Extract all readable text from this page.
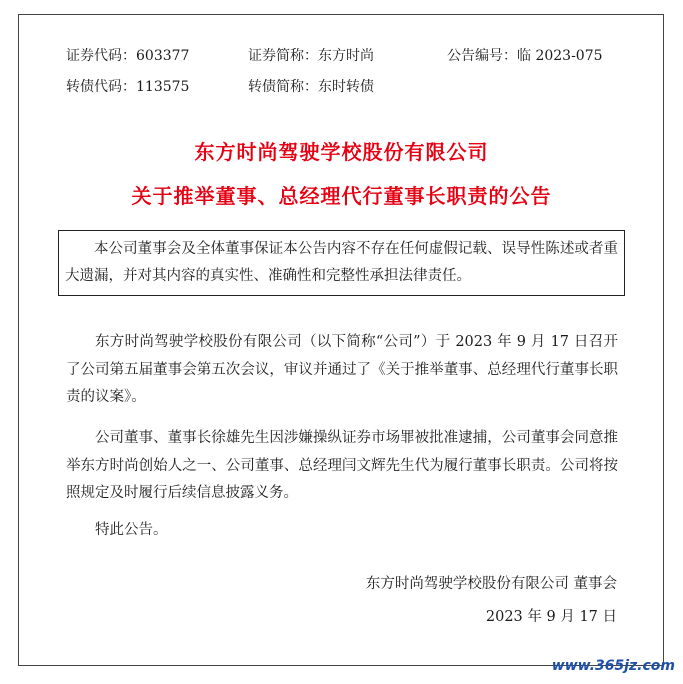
证券代码：603377	证券简称：东方时尚	公告编号：临 2023-075
转债代码：113575	转债简称：东时转债
东方时尚驾驶学校股份有限公司
关于推举董事、总经理代行董事长职责的公告

本公司董事会及全体董事保证本公告内容不存在任何虚假记载、误导性陈述或者重大遗漏，并对其内容的真实性、准确性和完整性承担法律责任。

东方时尚驾驶学校股份有限公司（以下简称“公司”）于 2023 年 9 月 17 日召开了公司第五届董事会第五次会议，审议并通过了《关于推举董事、总经理代行董事长职责的议案》。

公司董事、董事长徐雄先生因涉嫌操纵证券市场罪被批准逮捕，公司董事会同意推举东方时尚创始人之一、公司董事、总经理闫文辉先生代为履行董事长职责。公司将按照规定及时履行后续信息披露义务。

特此公告。

东方时尚驾驶学校股份有限公司 董事会
2023 年 9 月 17 日
www.365jz.com
